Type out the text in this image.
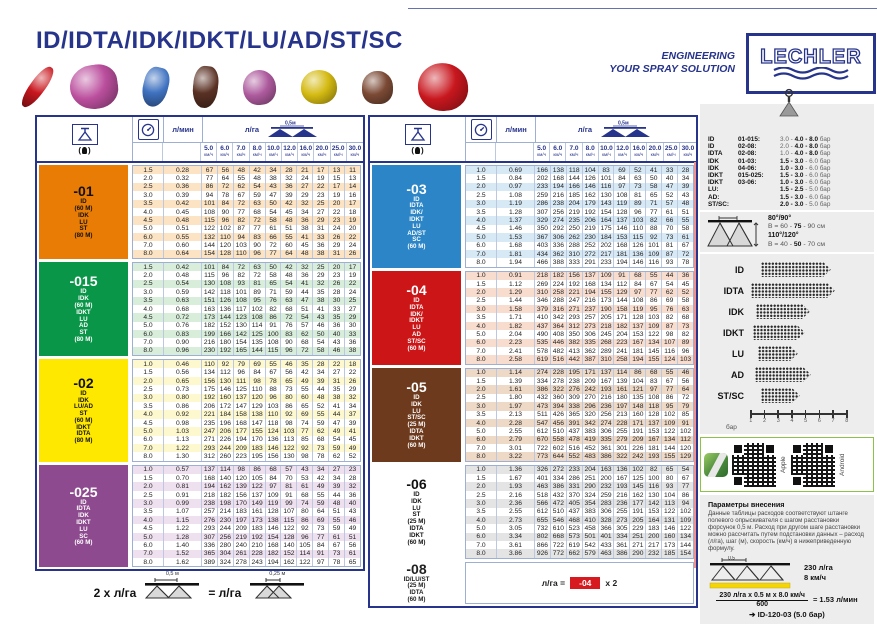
ID/IDTA/IDK/IDKT/LU/AD/ST/SC
ENGINEERING
YOUR SPRAY SOLUTION
LECHLER
( )
л/мин	л/га
0,5м
5.0
км/ч
6.0
км/ч
7.0
км/ч
8.0
км/ч
10.0
км/ч
12.0
км/ч
16.0
км/ч
20.0
км/ч
25.0
км/ч
30.0
км/ч
-01
ID
(60 M)
IDK
LU
ST
(80 M)
1.5	0.28	67	56	48	42	34	28	21	17	13	11
2.0	0.32	77	64	55	48	38	32	24	19	15	13
2.5	0.36	86	72	62	54	43	36	27	22	17	14
3.0	0.39	94	78	67	59	47	39	29	23	19	16
3.5	0.42	101 84	72	63	50	42	32	25	20	17
4.0	0.45	108 90	77	68	54	45	34	27	22	18
4.5	0.48	115	96	82	72	58	48	36	29	23	19
5.0	0.51	122 102 87	77	61	51	38	31	24	20
6.0	0.55	132 110	94	83	66	55	41	33	26	22
7.0	0.60	144 120 103 90	72	60	45	36	29	24
8.0	0.64	154 128 110	96	77	64	48	38	31	26
-015
ID
IDK
(60 M)
IDKT
LU
AD
ST
(80 M)
1.5	0.42	101 84	72	63	50	42	32	25	20	17
2.0	0.48	115	96	82	72	58	48	36	29	23	19
2.5	0.54	130 108 93	81	65	54	41	32	26	22
3.0	0.59	142 118 101 89	71	59	44	35	28	24
3.5	0.63	151 126 108 95	76	63	47	38	30	25
4.0	0.68	163 136 117 102 82	68	51	41	33	27
4.5	0.72	173 144 123 108 86	72	54	43	35	29
5.0	0.76	182 152 130 114	91	76	57	46	36	30
6.0	0.83	199 166 142 125 100 83	62	50	40	33
7.0	0.90	216 180 154 135 108 90	68	54	43	36
8.0	0.96	230 192 165 144 115	96	72	58	46	38
-02
ID
IDK
LU/AD
ST
(60 M)
IDKT
IDTA
(80 M)
1.0	0.46	110	92	79	69	55	46	35	28	22	18
1.5	0.56	134 112	96	84	67	56	42	34	27	22
2.0	0.65	156 130 111	98	78	65	49	39	31	26
2.5	0.73	175 146 125 110	88	73	55	44	35	29
3.0	0.80	192 160 137 120 96	80	60	48	38	32
3.5	0.86	206 172 147 129 103 86	65	52	41	34
4.0	0.92	221 184 158 138 110	92	69	55	44	37
4.5	0.98	235 196 168 147 118	98	74	59	47	39
5.0	1.03	247 206 177 155 124 103 77	62	49	41
6.0	1.13	271 226 194 170 136 113	85	68	54	45
7.0	1.22	293 244 209 183 146 122 92	73	59	49
8.0	1.30	312 260 223 195 156 130 98	78	62	52
-025
ID
IDTA
IDK
IDKT
LU
SC
(60 M)
1.0	0.57	137 114	98	86	68	57	43	34	27	23
1.5	0.70	168 140 120 105 84	70	53	42	34	28
2.0	0.81	194 162 139 122 97	81	61	49	39	32
2.5	0.91	218 182 156 137 109 91	68	55	44	36
3.0	0.99	238 198 170 149 119	99	74	59	48	40
3.5	1.07	257 214 183 161 128 107 80	64	51	43
4.0	1.15	276 230 197 173 138 115	86	69	55	46
4.5	1.22	293 244 209 183 146 122 92	73	59	49
5.0	1.28	307 256 219 192 154 128 96	77	61	51
6.0	1.40	336 280 240 210 168 140 105 84	67	56
7.0	1.52	365 304 261 228 182 152 114	91	73	61
8.0	1.62	389 324 278 243 194 162 122 97	78	65
( )
л/мин	л/га
0,5м
5.0
км/ч
6.0
км/ч
7.0
км/ч
8.0
км/ч
10.0
км/ч
12.0
км/ч
16.0
км/ч
20.0
км/ч
25.0
км/ч
30.0
км/ч
-03
ID
IDTA
IDK/
IDKT
LU
AD/ST
SC
(60 M)
1.0	0.69	166 138 118 104 83	69	52	41	33	28
1.5	0.84	202 168 144 126 101 84	63	50	40	34
2.0	0.97	233 194 166 146 116	97	73	58	47	39
2.5	1.08	259 216 185 162 130 108 81	65	52	43
3.0	1.19	286 238 204 179 143 119	89	71	57	48
3.5	1.28	307 256 219 192 154 128 96	77	61	51
4.0	1.37	329 274 235 206 164 137 103 82	66	55
4.5	1.46	350 292 250 219 175 146 110	88	70	58
5.0	1.53	367 306 262 230 184 153 115	92	73	61
6.0	1.68	403 336 288 252 202 168 126 101 81	67
7.0	1.81	434 362 310 272 217 181 136 109 87	72
8.0	1.94	466 388 333 291 233 194 146 116	93	78
-04
ID
IDTA
IDK/
IDKT
LU
AD
ST/SC
(60 M)
1.0	0.91	218 182 156 137 109 91	68	55	44	36
1.5	1.12	269 224 192 168 134 112	84	67	54	45
2.0	1.29	310 258 221 194 155 129 97	77	62	52
2.5	1.44	346 288 247 216 173 144 108 86	69	58
3.0	1.58	379 316 271 237 190 158 119	95	76	63
3.5	1.71	410 342 293 257 205 171 128 103 82	68
4.0	1.82	437 364 312 273 218 182 137 109 87	73
5.0	2.04	490 408 350 306 245 204 153 122 98	82
6.0	2.23	535 446 382 335 268 223 167 134 107 89
7.0	2.41	578 482 413 362 289 241 181 145 116	96
8.0	2.58	619 516 442 387 310 258 194 155 124 103
-05
ID
IDK
LU
ST/SC
(25 M)
IDTA
IDKT
(60 M)
1.0	1.14	274 228 195 171 137 114	86	68	55	46
1.5	1.39	334 278 238 209 167 139 104 83	67	56
2.0	1.61	386 322 276 242 193 161 121 97	77	64
2.5	1.80	432 360 309 270 216 180 135 108 86	72
3.0	1.97	473 394 338 296 236 197 148 118	95	79
3.5	2.13	511 426 365 320 256 213 160 128 102 85
4.0	2.28	547 456 391 342 274 228 171 137 109 91
5.0	2.55	612 510 437 383 306 255 191 153 122 102
6.0	2.79	670 558 478 419 335 279 209 167 134 112
7.0	3.01	722 602 516 452 361 301 226 181 144 120
8.0	3.22	773 644 552 483 386 322 242 193 155 129
-06
ID
IDK
LU
ST
(25 M)
IDTA
IDKT
(60 M)
1.0	1.36	326 272 233 204 163 136 102 82	65	54
1.5	1.67	401 334 286 251 200 167 125 100 80	67
2.0	1.93	463 386 331 290 232 193 145 116	93	77
2.5	2.16	518 432 370 324 259 216 162 130 104 86
3.0	2.36	566 472 405 354 283 236 177 142 113	94
3.5	2.55	612 510 437 383 306 255 191 153 122 102
4.0	2.73	655 546 468 410 328 273 205 164 131 109
5.0	3.05	732 610 523 458 366 305 229 183 146 122
6.0	3.34	802 668 573 501 401 334 251 200 160 134
7.0	3.61	866 722 619 542 433 361 271 217 173 144
8.0	3.86	926 772 662 579 463 386 290 232 185 154
-08
ID/LU/ST
(25 M)
IDTA
(60 M)
л/га =	-04	х 2
2 х л/га
0,5 м
= л/га
0,25 м
ID	01-015:	3.0 - 4.0 - 8.0 бар
ID	02-08:	2.0 - 4.0 - 8.0 бар
IDTA	02-08:	1.0 - 4.0 - 8.0 бар
IDK	01-03:	1.5 - 3.0 - 6.0 бар
IDK	04-06:	1.0 - 3.0 - 6.0 бар
IDKT	015-025:	1.5 - 3.0 - 6.0 бар
IDKT	03-06:	1.0 - 3.0 - 6.0 бар
LU:	1.5 - 2.5 - 5.0 бар
AD:	1.5 - 3.0 - 6.0 бар
ST/SC:	2.0 - 3.0 - 5.0 бар
80°/90°
B = 60 - 75 - 90 см
110°/120°
B = 40 - 50 - 70 см
ID
IDTA
IDK
IDKT
LU
AD
ST/SC
1 2 3 4 5 6 7 8
бар
Apple	Android
Параметры внесения
Данные таблицы расходов соответствуют штанге полевого опрыскивателя с шагом расстановки форсунок 0,5 м. Расход при другом шаге расстановки можно рассчитать путем подстановки данных – расход (л/га), шаг (м), скорость (км/ч) в нижеприведенную формулу.
0,5
230 л/га
8 км/ч
$\frac{\text{230 л/га x 0.5 м x 8.0 км/ч}}{600} = 1.53$ л/мин
➔ ID-120-03 (5.0 бар)
